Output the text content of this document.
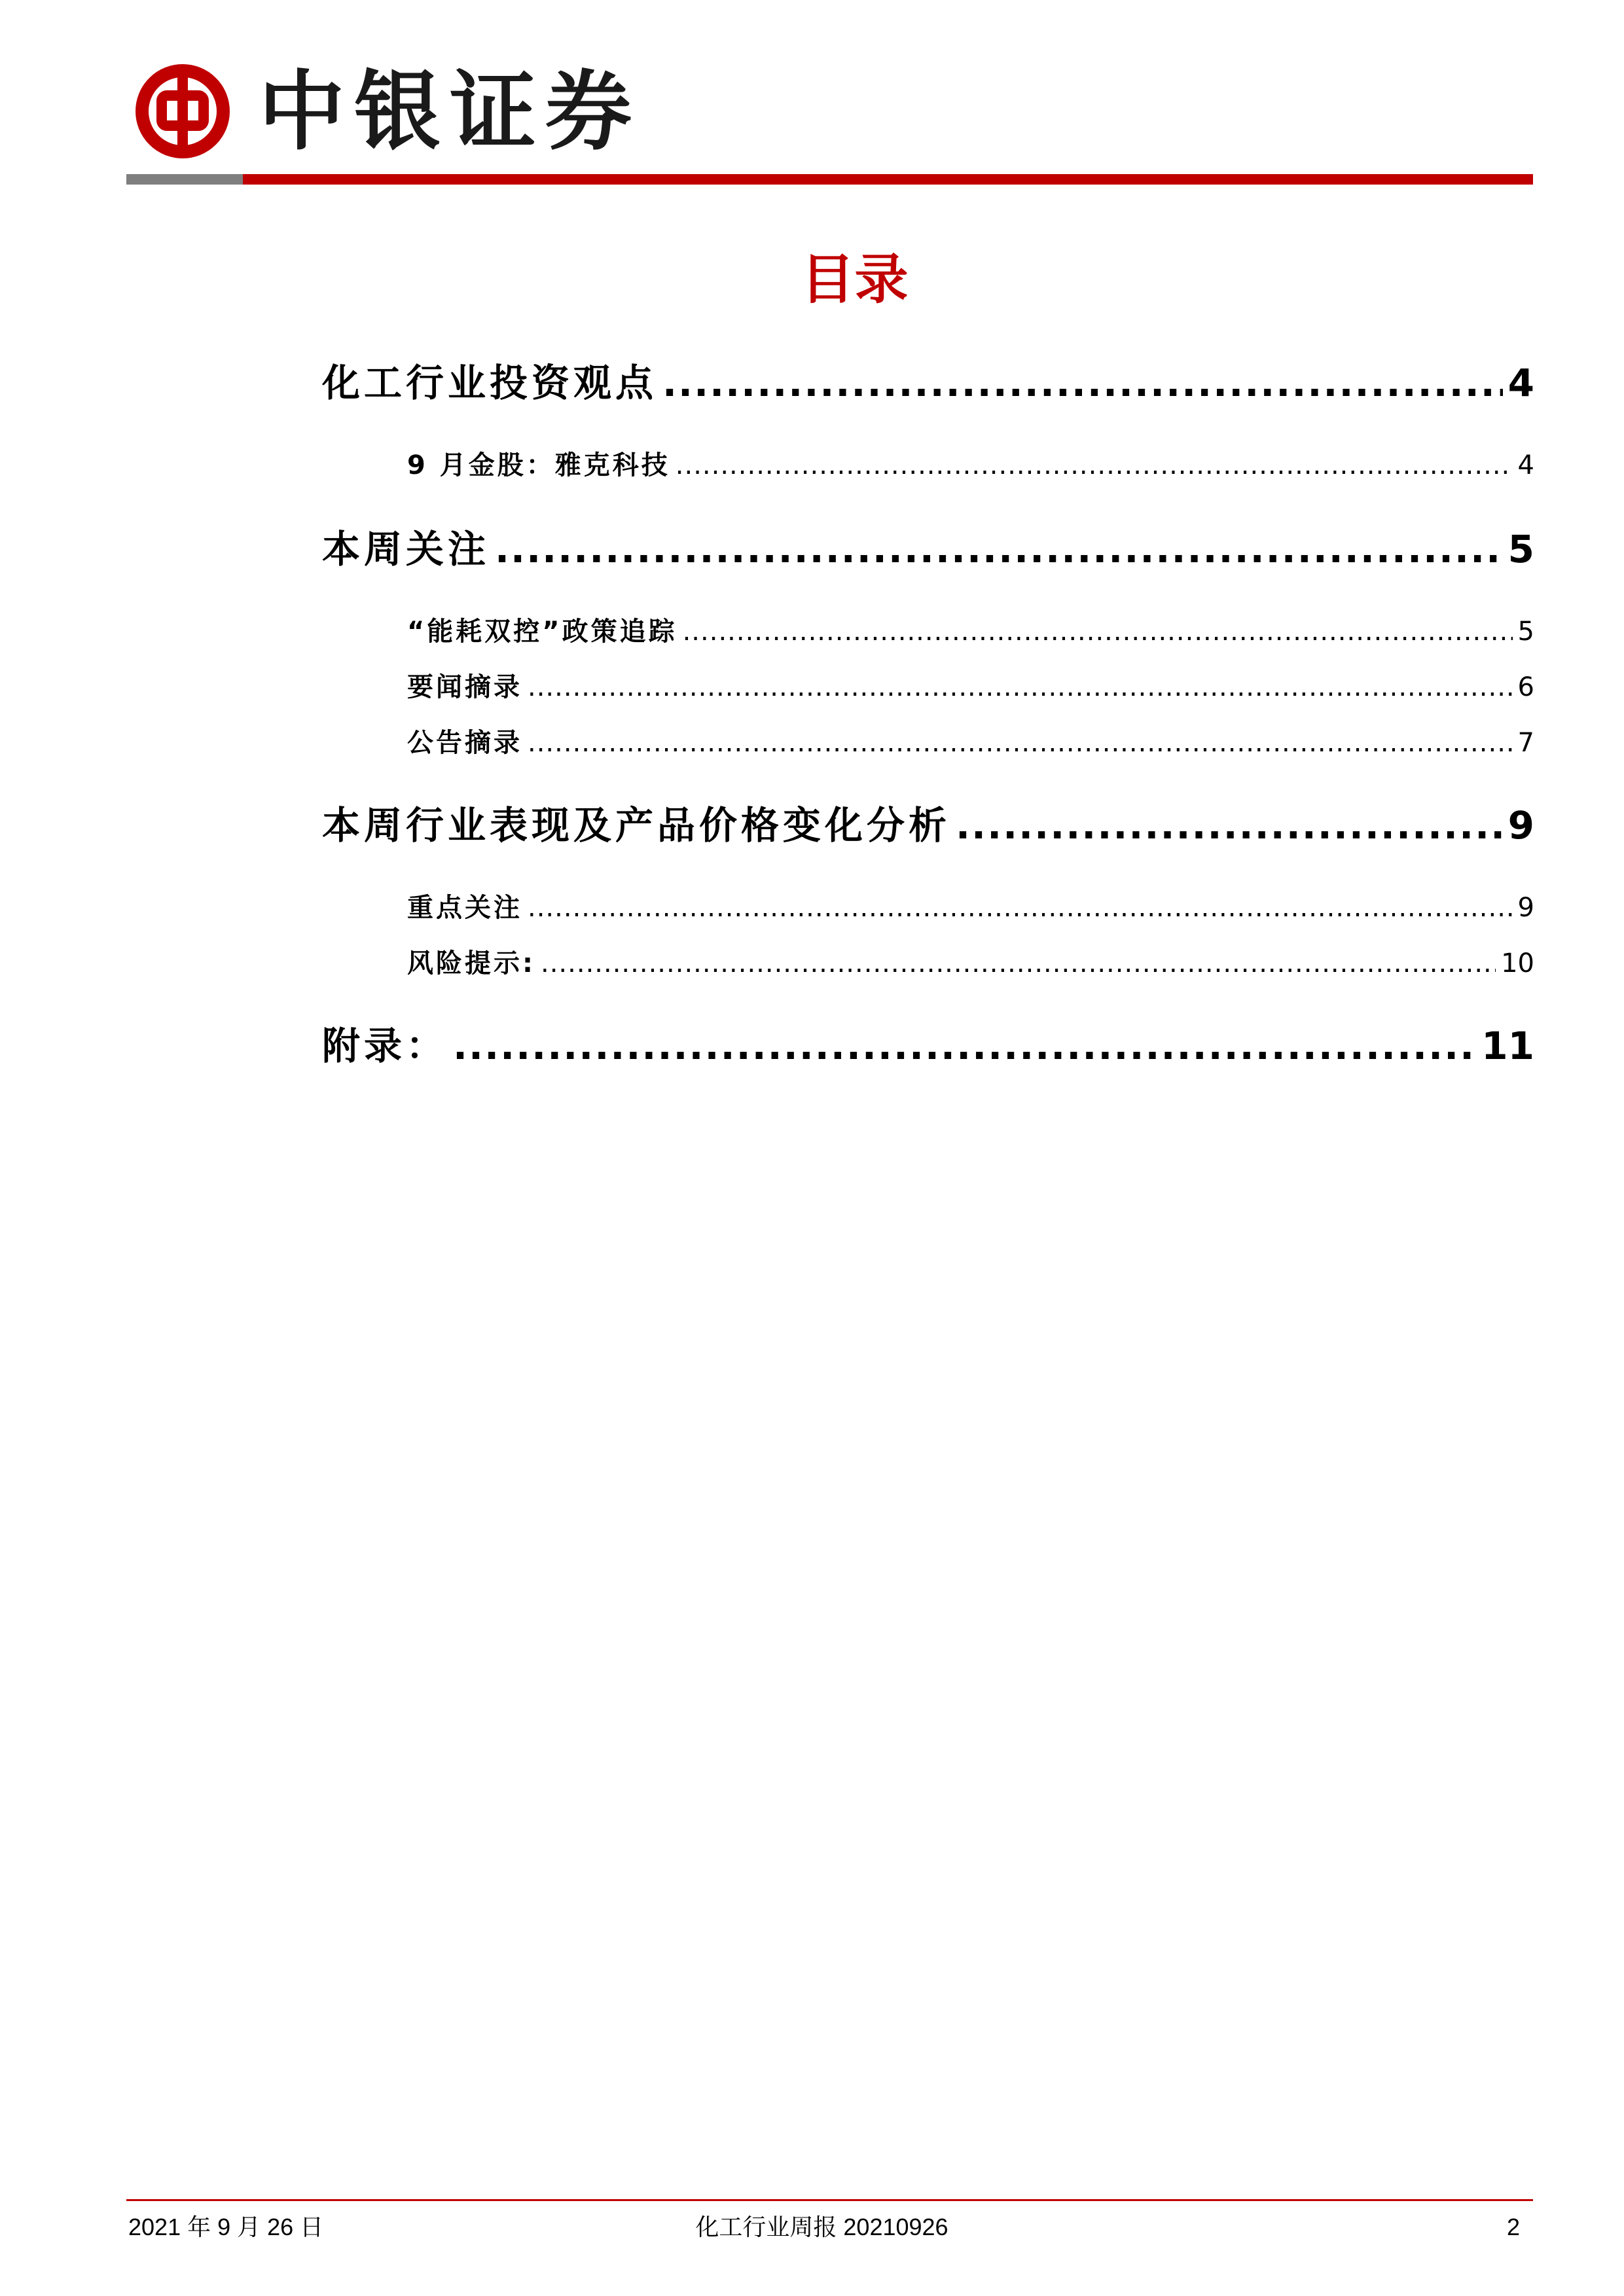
中银证券
目录
化工行业投资观点 .....	4
9 月金股：雅克科技 .....	4
本周关注 .....	5
“能耗双控”政策追踪 .....	5
要闻摘录 .....	6
公告摘录 .....	7
本周行业表现及产品价格变化分析 .....	9
重点关注 .....	9
风险提示: .....	10
附录： .....	11
2021 年 9 月 26 日	化工行业周报 20210926	2
